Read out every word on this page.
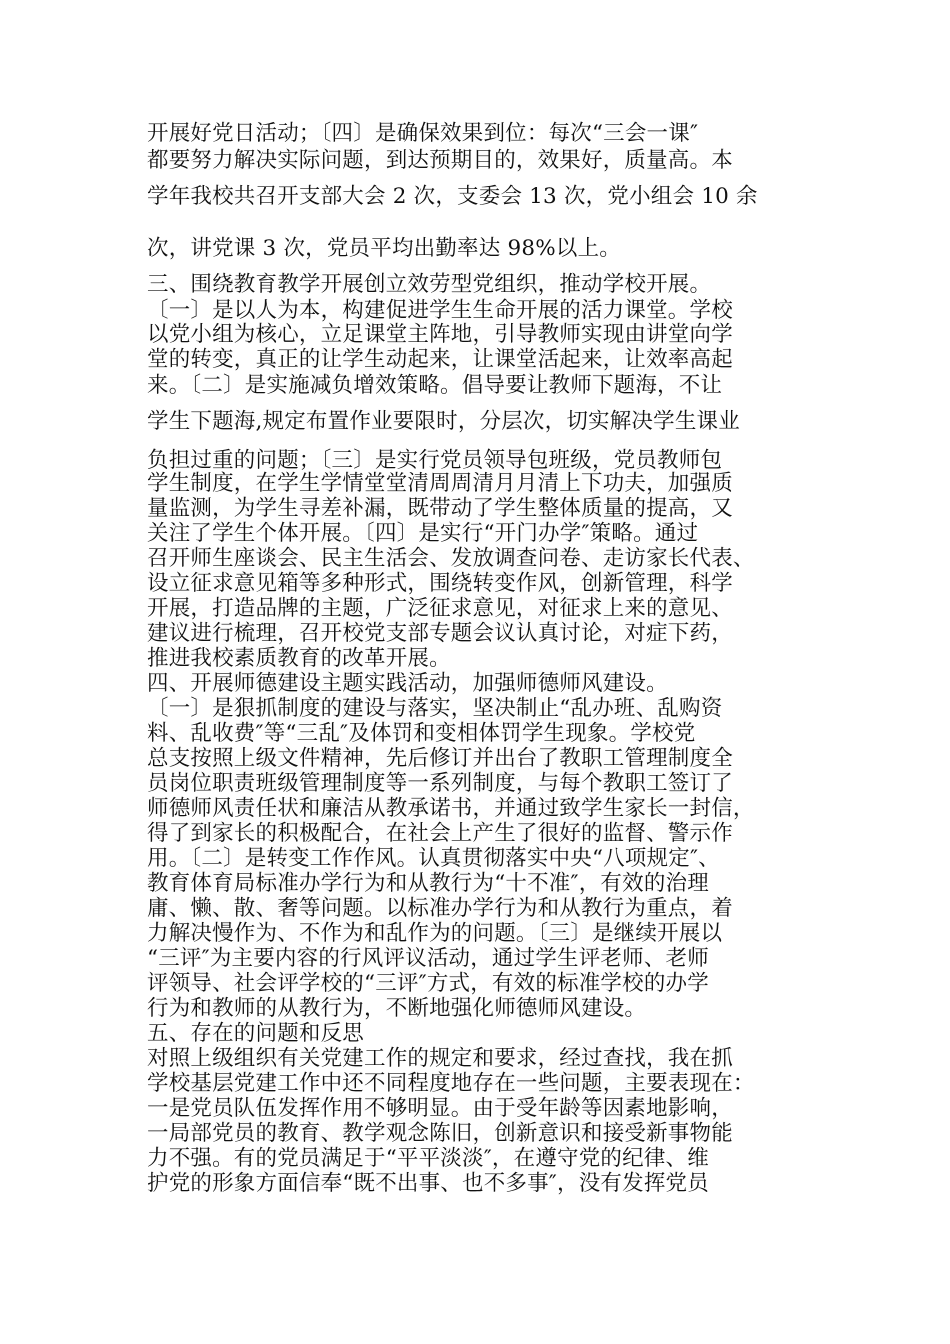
开展好党日活动；〔四〕是确保效果到位：每次“三会一课″
都要努力解决实际问题，到达预期目的，效果好，质量高。本
学年我校共召开支部大会 2 次，支委会 13 次，党小组会 10 余
次，讲党课 3 次，党员平均出勤率达 98%以上。
三、围绕教育教学开展创立效劳型党组织，推动学校开展。
〔一〕是以人为本，构建促进学生生命开展的活力课堂。学校
以党小组为核心，立足课堂主阵地，引导教师实现由讲堂向学
堂的转变，真正的让学生动起来，让课堂活起来，让效率高起
来。〔二〕是实施减负增效策略。倡导要让教师下题海，不让
学生下题海,规定布置作业要限时，分层次，切实解决学生课业
负担过重的问题；〔三〕是实行党员领导包班级，党员教师包
学生制度，在学生学情堂堂清周周清月月清上下功夫，加强质
量监测，为学生寻差补漏，既带动了学生整体质量的提高，又
关注了学生个体开展。〔四〕是实行“开门办学″策略。通过
召开师生座谈会、民主生活会、发放调查问卷、走访家长代表、
设立征求意见箱等多种形式，围绕转变作风，创新管理，科学
开展，打造品牌的主题，广泛征求意见，对征求上来的意见、
建议进行梳理，召开校党支部专题会议认真讨论，对症下药，
推进我校素质教育的改革开展。
四、开展师德建设主题实践活动，加强师德师风建设。
〔一〕是狠抓制度的建设与落实，坚决制止“乱办班、乱购资
料、乱收费″等“三乱″及体罚和变相体罚学生现象。学校党
总支按照上级文件精神，先后修订并出台了教职工管理制度全
员岗位职责班级管理制度等一系列制度，与每个教职工签订了
师德师风责任状和廉洁从教承诺书，并通过致学生家长一封信，
得了到家长的积极配合，在社会上产生了很好的监督、警示作
用。〔二〕是转变工作作风。认真贯彻落实中央“八项规定″、
教育体育局标准办学行为和从教行为“十不准″，有效的治理
庸、懒、散、奢等问题。以标准办学行为和从教行为重点，着
力解决慢作为、不作为和乱作为的问题。〔三〕是继续开展以
“三评″为主要内容的行风评议活动，通过学生评老师、老师
评领导、社会评学校的“三评″方式，有效的标准学校的办学
行为和教师的从教行为，不断地强化师德师风建设。
五、存在的问题和反思
对照上级组织有关党建工作的规定和要求，经过查找，我在抓
学校基层党建工作中还不同程度地存在一些问题，主要表现在：
一是党员队伍发挥作用不够明显。由于受年龄等因素地影响，
一局部党员的教育、教学观念陈旧，创新意识和接受新事物能
力不强。有的党员满足于“平平淡淡″，在遵守党的纪律、维
护党的形象方面信奉“既不出事、也不多事″，没有发挥党员
